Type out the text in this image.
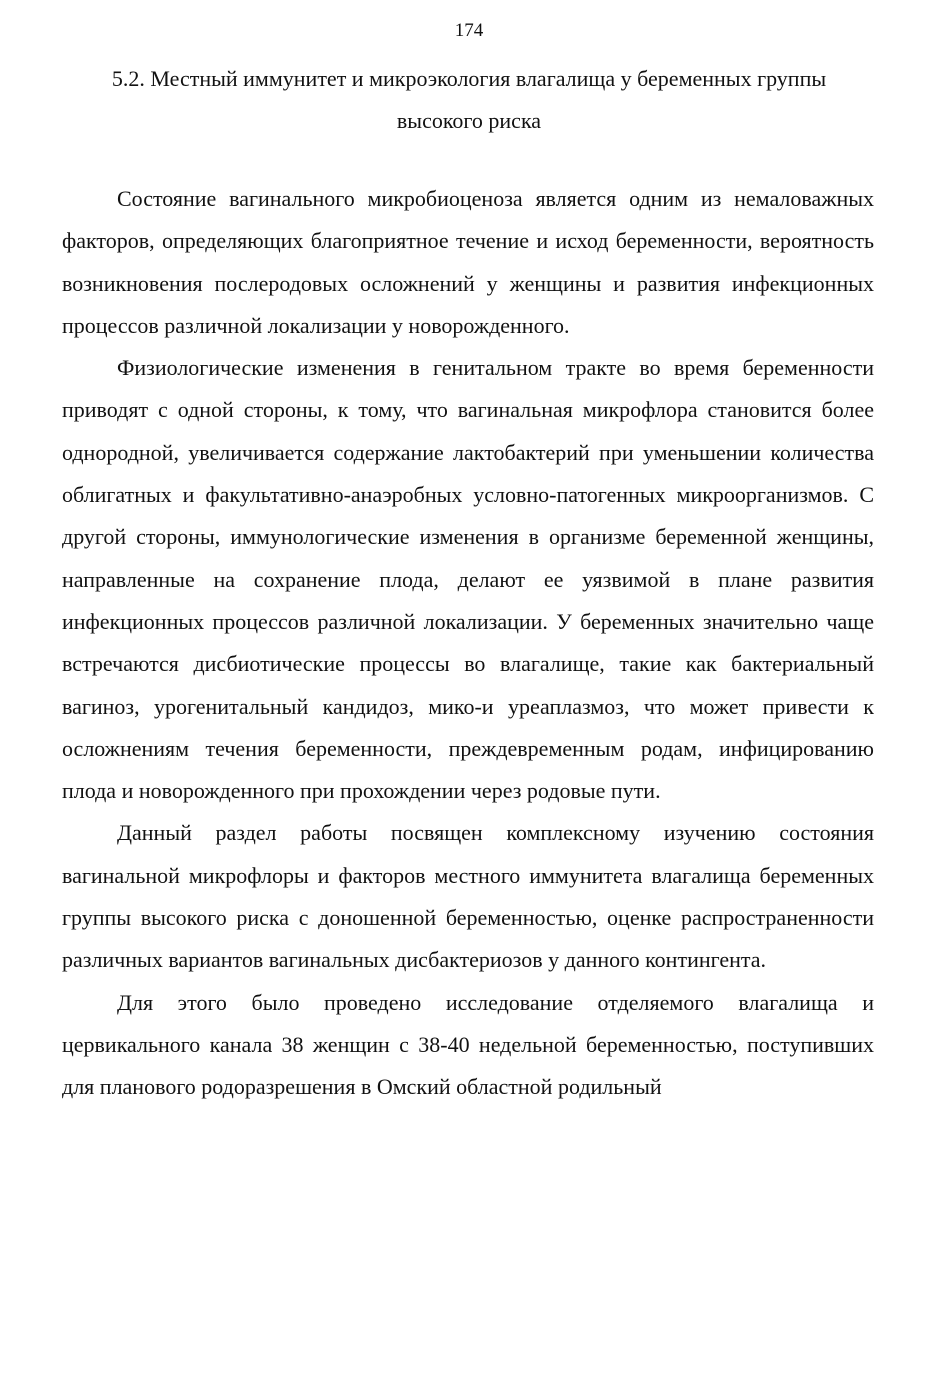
174
5.2. Местный иммунитет и микроэкология влагалища у беременных группы
высокого риска

Состояние вагинального микробиоценоза является одним из немаловажных факторов, определяющих благоприятное течение и исход беременности, вероятность возникновения послеродовых осложнений у женщины и развития инфекционных процессов различной локализации у новорожденного.

Физиологические изменения в генитальном тракте во время беременности приводят с одной стороны, к тому, что вагинальная микрофлора становится более однородной, увеличивается содержание лактобактерий при уменьшении количества облигатных и факультативно-анаэробных условно-патогенных микроорганизмов. С другой стороны, иммунологические изменения в организме беременной женщины, направленные на сохранение плода, делают ее уязвимой в плане развития инфекционных процессов различной локализации. У беременных значительно чаще встречаются дисбиотические процессы во влагалище, такие как бактериальный вагиноз, урогенитальный кандидоз, мико-и уреаплазмоз, что может привести к осложнениям течения беременности, преждевременным родам, инфицированию плода и новорожденного при прохождении через родовые пути.

Данный раздел работы посвящен комплексному изучению состояния вагинальной микрофлоры и факторов местного иммунитета влагалища беременных группы высокого риска с доношенной беременностью, оценке распространенности различных вариантов вагинальных дисбактериозов у данного контингента.

Для этого было проведено исследование отделяемого влагалища и цервикального канала 38 женщин с 38-40 недельной беременностью, поступивших для планового родоразрешения в Омский областной родильный
